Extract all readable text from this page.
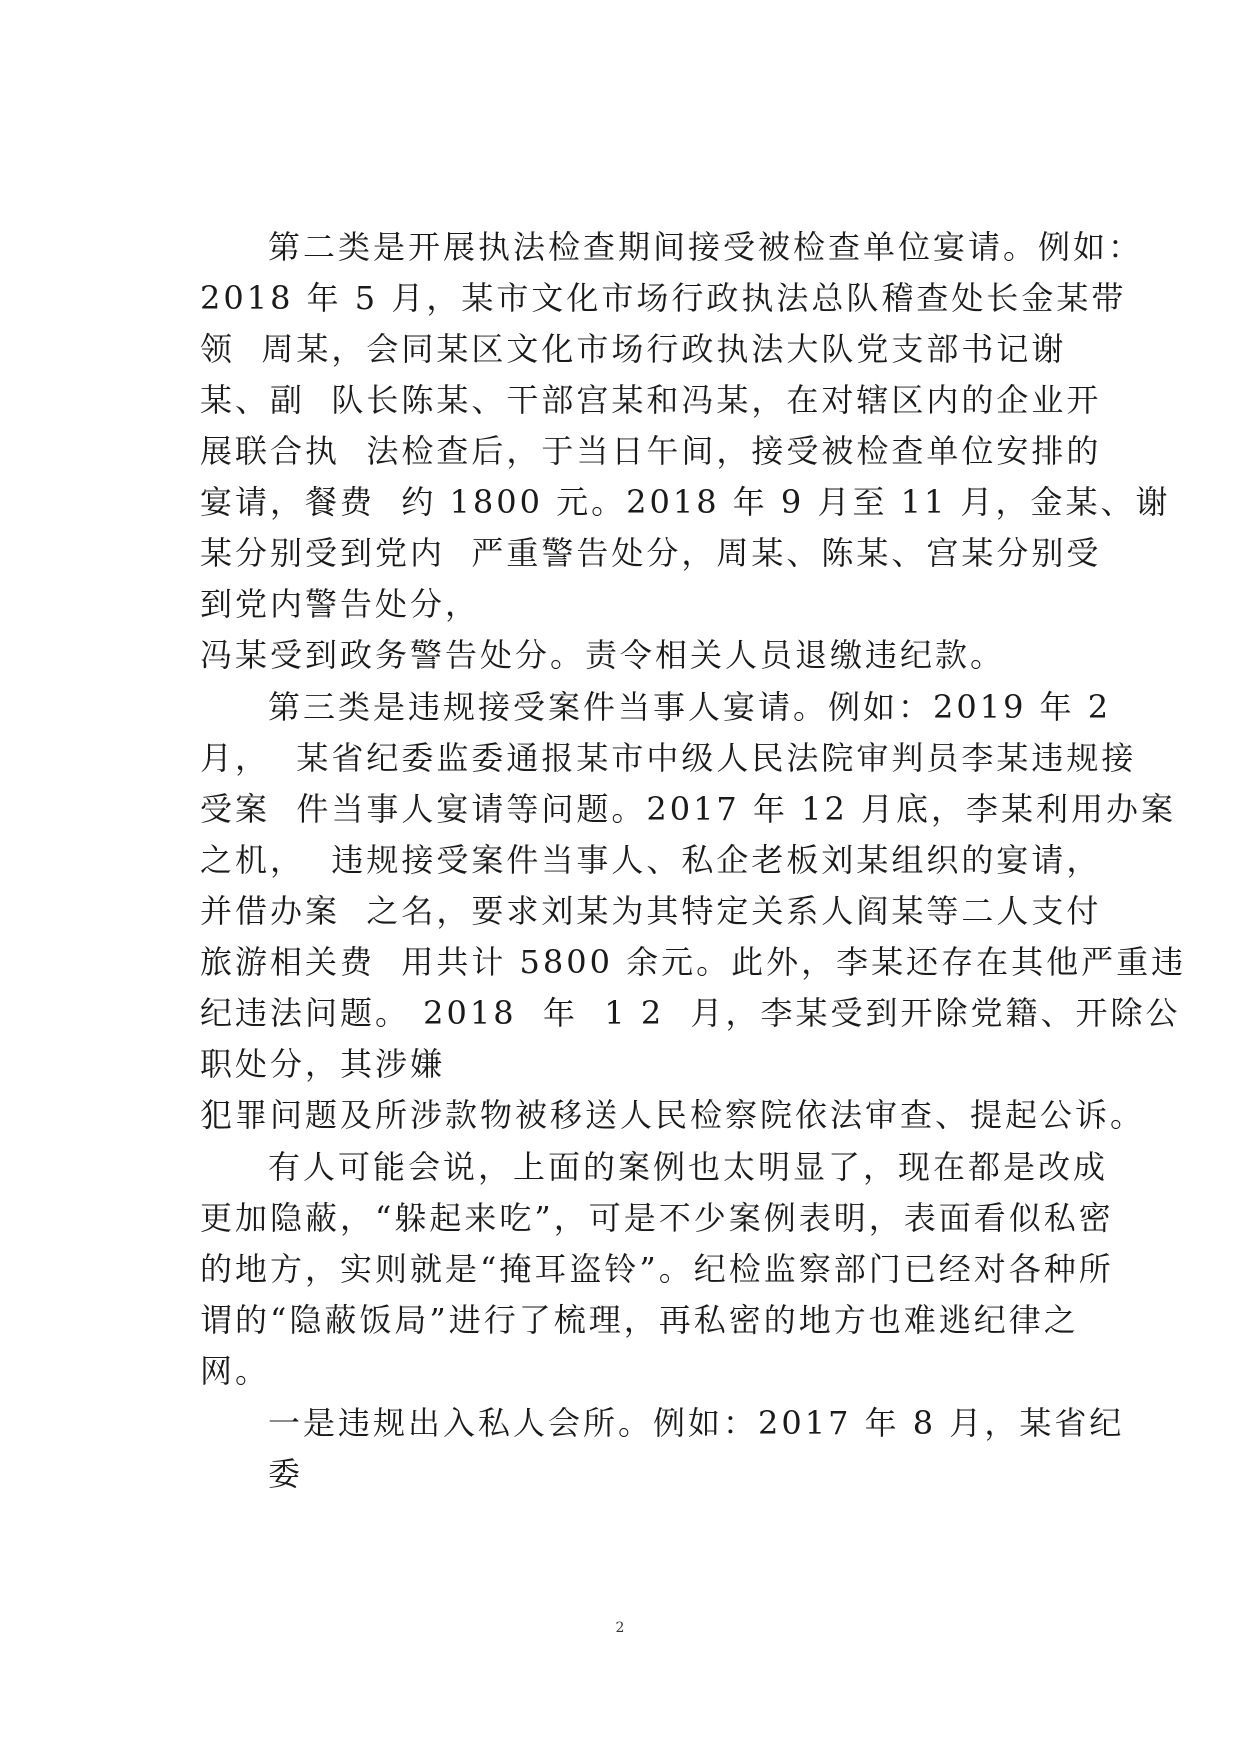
第二类是开展执法检查期间接受被检查单位宴请。例如：
2018 年 5 月，某市文化市场行政执法总队稽查处长金某带
领  周某，会同某区文化市场行政执法大队党支部书记谢
某、副  队长陈某、干部宫某和冯某，在对辖区内的企业开
展联合执  法检查后，于当日午间，接受被检查单位安排的
宴请，餐费  约 1800 元。2018 年 9 月至 11 月，金某、谢
某分别受到党内  严重警告处分，周某、陈某、宫某分别受
到党内警告处分，
冯某受到政务警告处分。责令相关人员退缴违纪款。
第三类是违规接受案件当事人宴请。例如：2019 年 2
月，  某省纪委监委通报某市中级人民法院审判员李某违规接
受案  件当事人宴请等问题。2017 年 12 月底，李某利用办案
之机，  违规接受案件当事人、私企老板刘某组织的宴请，
并借办案  之名，要求刘某为其特定关系人阎某等二人支付
旅游相关费  用共计 5800 余元。此外，李某还存在其他严重违
纪违法问题。 2018  年  1 2  月，李某受到开除党籍、开除公
职处分，其涉嫌
犯罪问题及所涉款物被移送人民检察院依法审查、提起公诉。
有人可能会说，上面的案例也太明显了，现在都是改成
更加隐蔽，“躲起来吃”，可是不少案例表明，表面看似私密
的地方，实则就是“掩耳盗铃”。纪检监察部门已经对各种所
谓的“隐蔽饭局”进行了梳理，再私密的地方也难逃纪律之
网。
一是违规出入私人会所。例如：2017 年 8 月，某省纪
委
2
